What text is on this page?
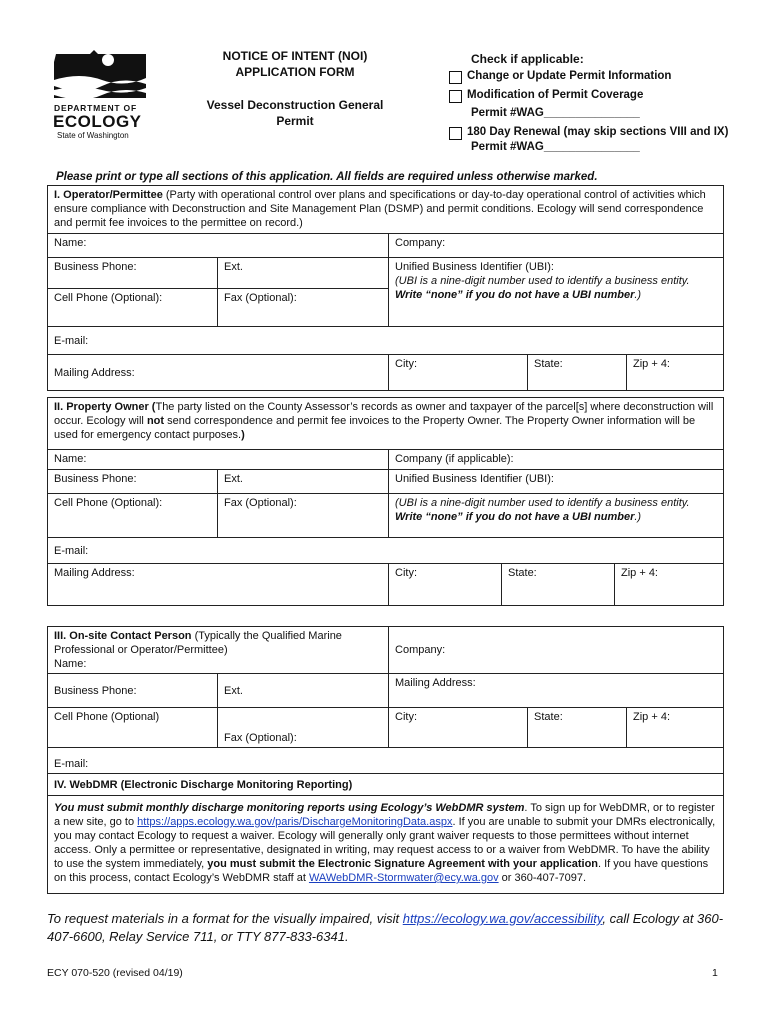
DEPARTMENT OF
ECOLOGY
State of Washington
NOTICE OF INTENT (NOI)
APPLICATION FORM
Vessel Deconstruction General
Permit
Check if applicable:
Change or Update Permit Information
Modification of Permit Coverage
Permit #WAG_______________
180 Day Renewal (may skip sections VIII and IX)
Permit #WAG_______________
Please print or type all sections of this application. All fields are required unless otherwise marked.
I. Operator/Permittee (Party with operational control over plans and specifications or day-to-day operational control of activities which ensure compliance with Deconstruction and Site Management Plan (DSMP) and permit conditions. Ecology will send correspondence and permit fee invoices to the permittee on record.)				
Name:		Company:		
Business Phone:	Ext.	Unified Business Identifier (UBI):
(UBI is a nine-digit number used to identify a business entity. Write “none” if you do not have a UBI number.)		
Cell Phone (Optional):	Fax (Optional):			
E-mail:				
Mailing Address:		City:	State:	Zip + 4:
II. Property Owner (The party listed on the County Assessor’s records as owner and taxpayer of the parcel[s] where deconstruction will occur. Ecology will not send correspondence and permit fee invoices to the Property Owner. The Property Owner information will be used for emergency contact purposes.)				
Name:		Company (if applicable):		
Business Phone:	Ext.	Unified Business Identifier (UBI):		
Cell Phone (Optional):	Fax (Optional):	(UBI is a nine-digit number used to identify a business entity. Write “none” if you do not have a UBI number.)		
E-mail:				
Mailing Address:		City:	State:	Zip + 4:
III. On-site Contact Person (Typically the Qualified Marine Professional or Operator/Permittee)
Name:		Company:		
Business Phone:	Ext.	Mailing Address:		
Cell Phone (Optional)	Fax (Optional):	City:	State:	Zip + 4:
E-mail:				
IV. WebDMR (Electronic Discharge Monitoring Reporting)				
You must submit monthly discharge monitoring reports using Ecology’s WebDMR system. To sign up for WebDMR, or to register a new site, go to https://apps.ecology.wa.gov/paris/DischargeMonitoringData.aspx. If you are unable to submit your DMRs electronically, you may contact Ecology to request a waiver. Ecology will generally only grant waiver requests to those permittees without internet access. Only a permittee or representative, designated in writing, may request access to or a waiver from WebDMR. To have the ability to use the system immediately, you must submit the Electronic Signature Agreement with your application. If you have questions on this process, contact Ecology’s WebDMR staff at WAWebDMR-Stormwater@ecy.wa.gov or 360-407-7097.				
To request materials in a format for the visually impaired, visit https://ecology.wa.gov/accessibility, call Ecology at 360-407-6600, Relay Service 711, or TTY 877-833-6341.
ECY 070-520 (revised 04/19)	1
